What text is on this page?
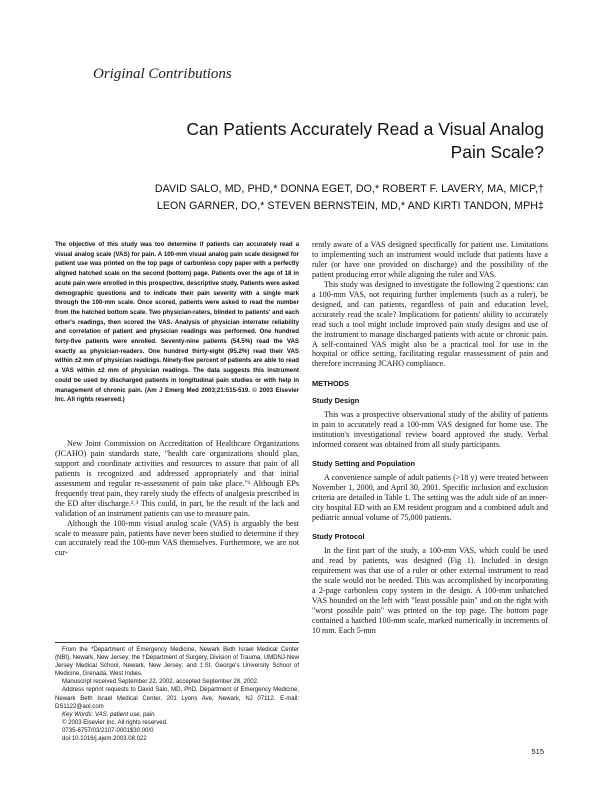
Original Contributions
Can Patients Accurately Read a Visual Analog
Pain Scale?
DAVID SALO, MD, PHD,* DONNA EGET, DO,* ROBERT F. LAVERY, MA, MICP,†
LEON GARNER, DO,* STEVEN BERNSTEIN, MD,* AND KIRTI TANDON, MPH‡

The objective of this study was too determine if patients can accurately read a visual analog scale (VAS) for pain. A 100-mm visual analog pain scale designed for patient use was printed on the top page of carbonless copy paper with a perfectly aligned hatched scale on the second (bottom) page. Patients over the age of 18 in acute pain were enrolled in this prospective, descriptive study. Patients were asked demographic questions and to indicate their pain severity with a single mark through the 100-mm scale. Once scored, patients were asked to read the number from the hatched bottom scale. Two physician-raters, blinded to patients' and each other's readings, then scored the VAS. Analysis of physician interrater reliability and correlation of patient and physician readings was performed. One hundred forty-five patients were enrolled. Seventy-nine patients (54.5%) read the VAS exactly as physician-readers. One hundred thirty-eight (95.2%) read their VAS within ±2 mm of physician readings. Ninety-five percent of patients are able to read a VAS within ±2 mm of physician readings. The data suggests this instrument could be used by discharged patients in longitudinal pain studies or with help in management of chronic pain. (Am J Emerg Med 2003;21:515-519. © 2003 Elsevier Inc. All rights reserved.)

New Joint Commission on Accreditation of Healthcare Organizations (JCAHO) pain standards state, "health care organizations should plan, support and coordinate activities and resources to assure that pain of all patients is recognized and addressed appropriately and that initial assessment and regular re-assessment of pain take place."¹ Although EPs frequently treat pain, they rarely study the effects of analgesia prescribed in the ED after discharge.²˒³ This could, in part, be the result of the lack and validation of an instrument patients can use to measure pain.

Although the 100-mm visual analog scale (VAS) is arguably the best scale to measure pain, patients have never been studied to determine if they can accurately read the 100-mm VAS themselves. Furthermore, we are not cur-

rently aware of a VAS designed specifically for patient use. Limitations to implementing such an instrument would include that patients have a ruler (or have one provided on discharge) and the possibility of the patient producing error while aligning the ruler and VAS.

This study was designed to investigate the following 2 questions: can a 100-mm VAS, not requiring further implements (such as a ruler), be designed, and can patients, regardless of pain and education level, accurately read the scale? Implications for patients' ability to accurately read such a tool might include improved pain study designs and use of the instrument to manage discharged patients with acute or chronic pain. A self-contained VAS might also be a practical tool for use in the hospital or office setting, facilitating regular reassessment of pain and therefore increasing JCAHO compliance.

METHODS

Study Design

This was a prospective observational study of the ability of patients in pain to accurately read a 100-mm VAS designed for home use. The institution's investigational review board approved the study. Verbal informed consent was obtained from all study participants.

Study Setting and Population

A convenience sample of adult patients (>18 y) were treated between November 1, 2000, and April 30, 2001. Specific inclusion and exclusion criteria are detailed in Table 1. The setting was the adult side of an inner-city hospital ED with an EM resident program and a combined adult and pediatric annual volume of 75,000 patients.

Study Protocol

In the first part of the study, a 100-mm VAS, which could be used and read by patients, was designed (Fig 1). Included in design requirement was that use of a ruler or other external instrument to read the scale would not be needed. This was accomplished by incorporating a 2-page carbonless copy system in the design. A 100-mm unhatched VAS bounded on the left with "least possible pain" and on the right with "worst possible pain" was printed on the top page. The bottom page contained a hatched 100-mm scale, marked numerically in increments of 10 mm. Each 5-mm

From the *Department of Emergency Medicine, Newark Beth Israel Medical Center (NBI), Newark, New Jersey; the †Department of Surgery, Division of Trauma, UMDNJ-New Jersey Medical School, Newark, New Jersey; and ‡St. George's University School of Medicine, Grenada, West Indies.

Manuscript received September 22, 2002, accepted September 28, 2002.

Address reprint requests to David Salo, MD, PhD, Department of Emergency Medicine, Newark Beth Israel Medical Center, 201 Lyons Ave, Newark, NJ 07112. E-mail: DS1122@aol.com

Key Words: VAS, patient use, pain.

© 2003 Elsevier Inc. All rights reserved.

0735-6757/03/2107-0001$30.00/0

doi:10.1016/j.ajem.2003.08.022

515
